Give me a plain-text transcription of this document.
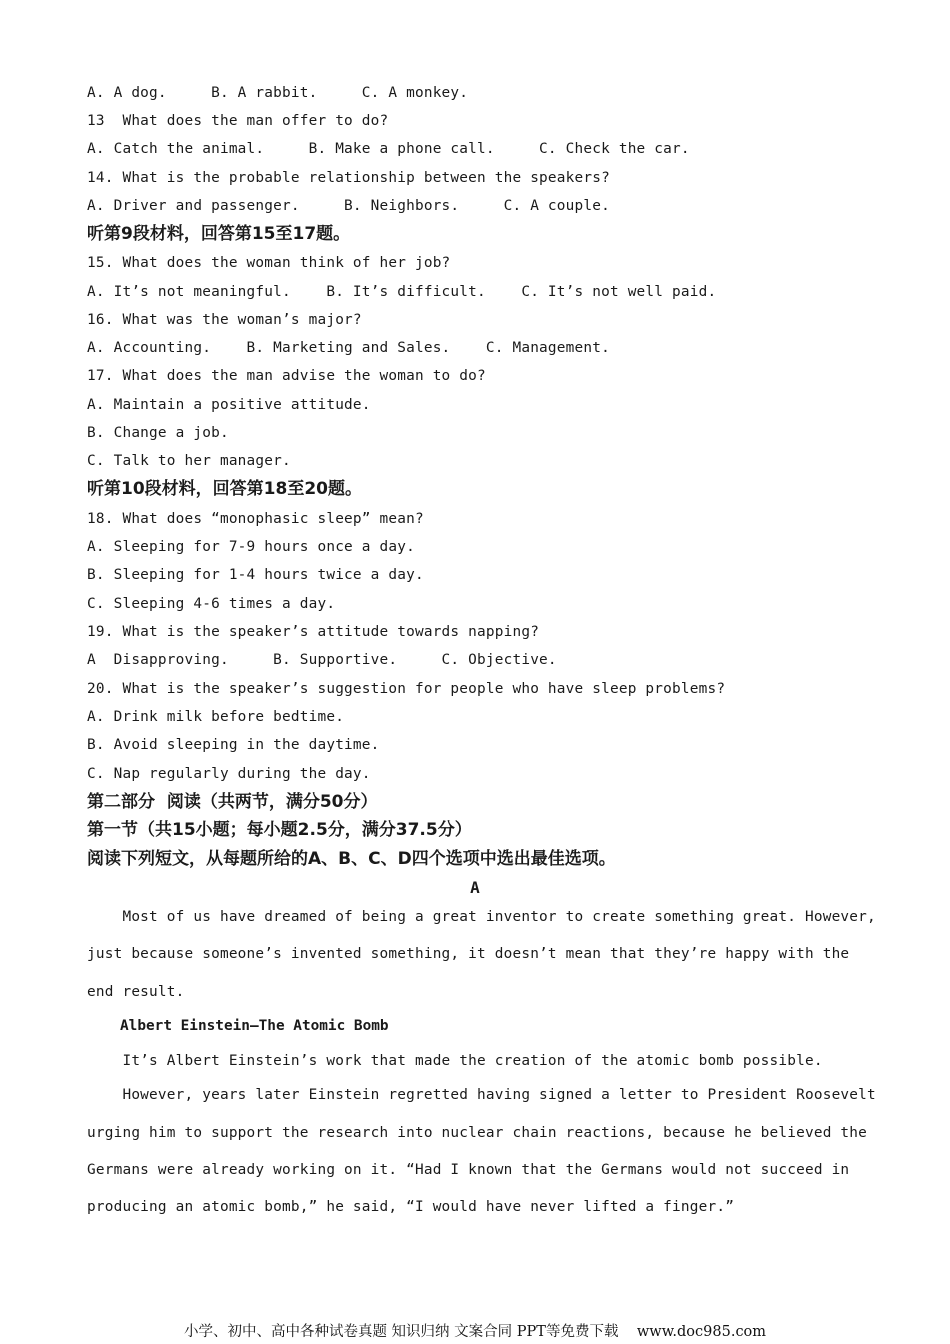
A. A dog.     B. A rabbit.     C. A monkey.
13  What does the man offer to do?
A. Catch the animal.     B. Make a phone call.     C. Check the car.
14. What is the probable relationship between the speakers?
A. Driver and passenger.     B. Neighbors.     C. A couple.
听第9段材料，回答第15至17题。
15. What does the woman think of her job?
A. It’s not meaningful.    B. It’s difficult.    C. It’s not well paid.
16. What was the woman’s major?
A. Accounting.    B. Marketing and Sales.    C. Management.
17. What does the man advise the woman to do?
A. Maintain a positive attitude.
B. Change a job.
C. Talk to her manager.
听第10段材料，回答第18至20题。
18. What does “monophasic sleep” mean?
A. Sleeping for 7-9 hours once a day.
B. Sleeping for 1-4 hours twice a day.
C. Sleeping 4-6 times a day.
19. What is the speaker’s attitude towards napping?
A  Disapproving.     B. Supportive.     C. Objective.
20. What is the speaker’s suggestion for people who have sleep problems?
A. Drink milk before bedtime.
B. Avoid sleeping in the daytime.
C. Nap regularly during the day.
第二部分  阅读（共两节，满分50分）
第一节（共15小题；每小题2.5分，满分37.5分）
阅读下列短文，从每题所给的A、B、C、D四个选项中选出最佳选项。
A
Most of us have dreamed of being a great inventor to create something great. However,
just because someone’s invented something, it doesn’t mean that they’re happy with the
end result.
Albert Einstein—The Atomic Bomb
It’s Albert Einstein’s work that made the creation of the atomic bomb possible.
However, years later Einstein regretted having signed a letter to President Roosevelt
urging him to support the research into nuclear chain reactions, because he believed the
Germans were already working on it. “Had I known that the Germans would not succeed in
producing an atomic bomb,” he said, “I would have never lifted a finger.”
小学、初中、高中各种试卷真题 知识归纳 文案合同 PPT等免费下载    www.doc985.com
